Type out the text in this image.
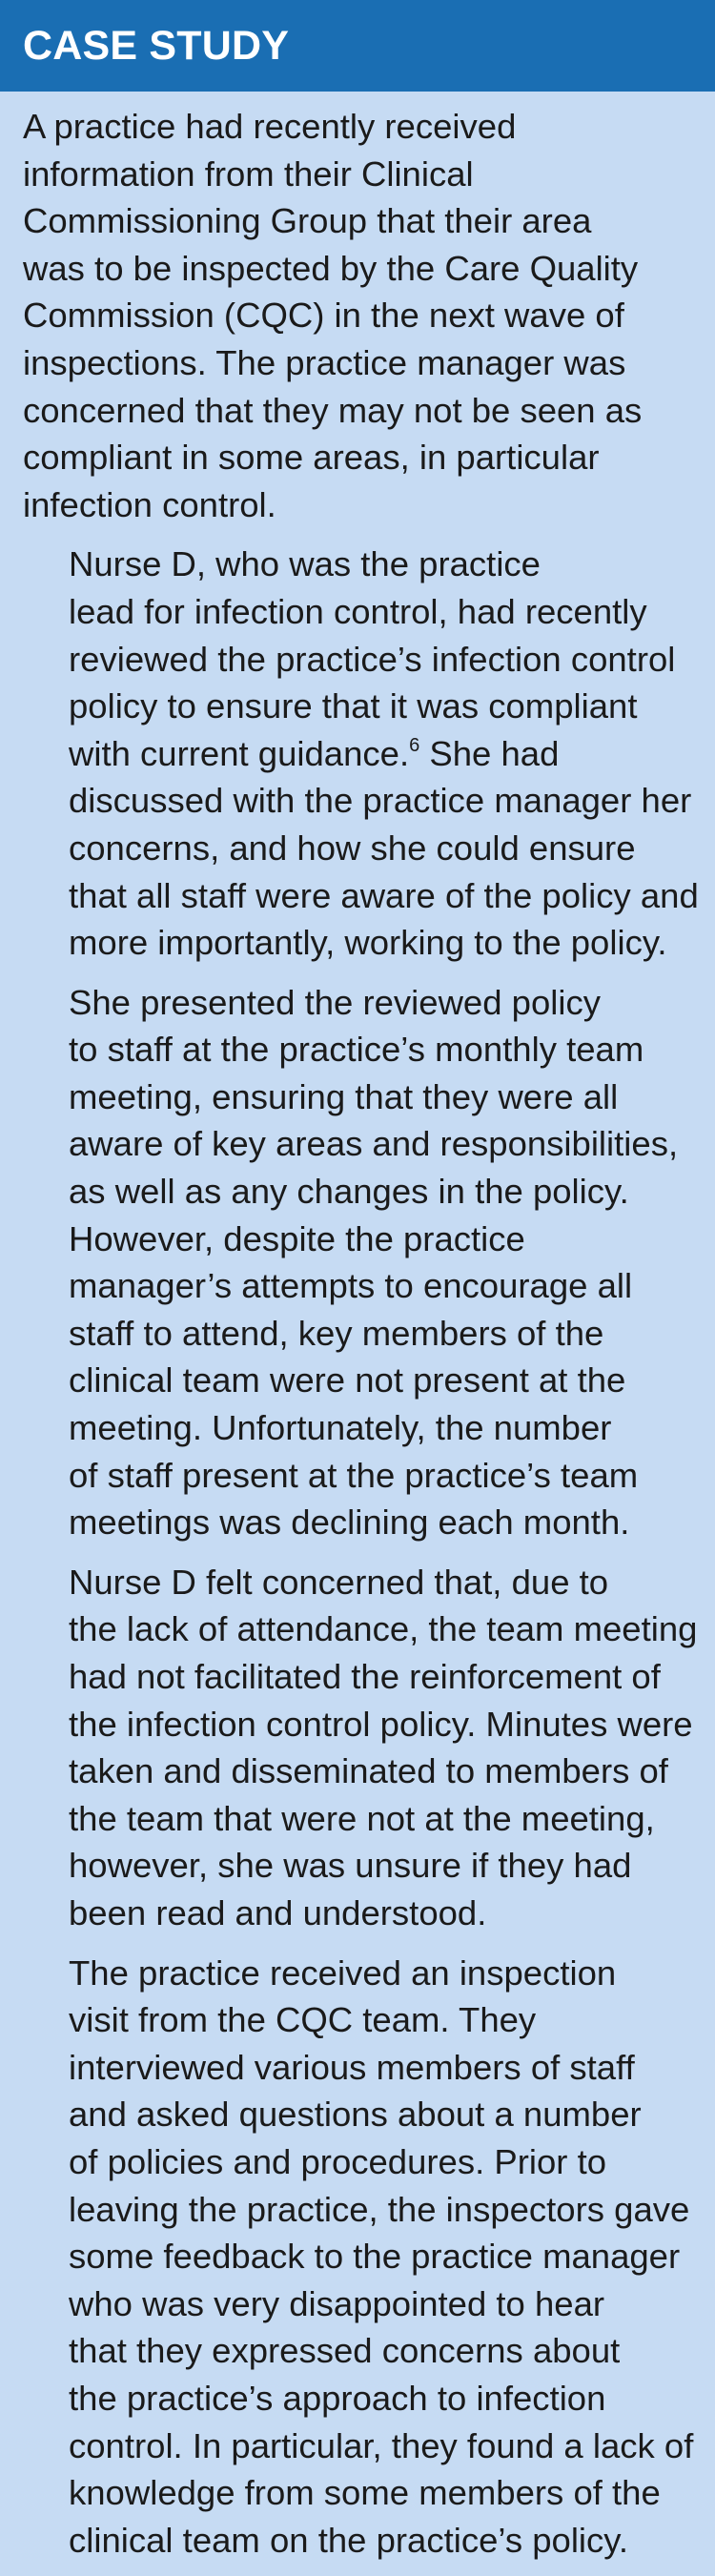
CASE STUDY

A practice had recently received
information from their Clinical
Commissioning Group that their area
was to be inspected by the Care Quality
Commission (CQC) in the next wave of
inspections. The practice manager was
concerned that they may not be seen as
compliant in some areas, in particular
infection control.

Nurse D, who was the practice
lead for infection control, had recently
reviewed the practice’s infection control
policy to ensure that it was compliant
with current guidance.$^6$ She had
discussed with the practice manager her
concerns, and how she could ensure
that all staff were aware of the policy and
more importantly, working to the policy.

She presented the reviewed policy
to staff at the practice’s monthly team
meeting, ensuring that they were all
aware of key areas and responsibilities,
as well as any changes in the policy.
However, despite the practice
manager’s attempts to encourage all
staff to attend, key members of the
clinical team were not present at the
meeting. Unfortunately, the number
of staff present at the practice’s team
meetings was declining each month.

Nurse D felt concerned that, due to
the lack of attendance, the team meeting
had not facilitated the reinforcement of
the infection control policy. Minutes were
taken and disseminated to members of
the team that were not at the meeting,
however, she was unsure if they had
been read and understood.

The practice received an inspection
visit from the CQC team. They
interviewed various members of staff
and asked questions about a number
of policies and procedures. Prior to
leaving the practice, the inspectors gave
some feedback to the practice manager
who was very disappointed to hear
that they expressed concerns about
the practice’s approach to infection
control. In particular, they found a lack of
knowledge from some members of the
clinical team on the practice’s policy.
